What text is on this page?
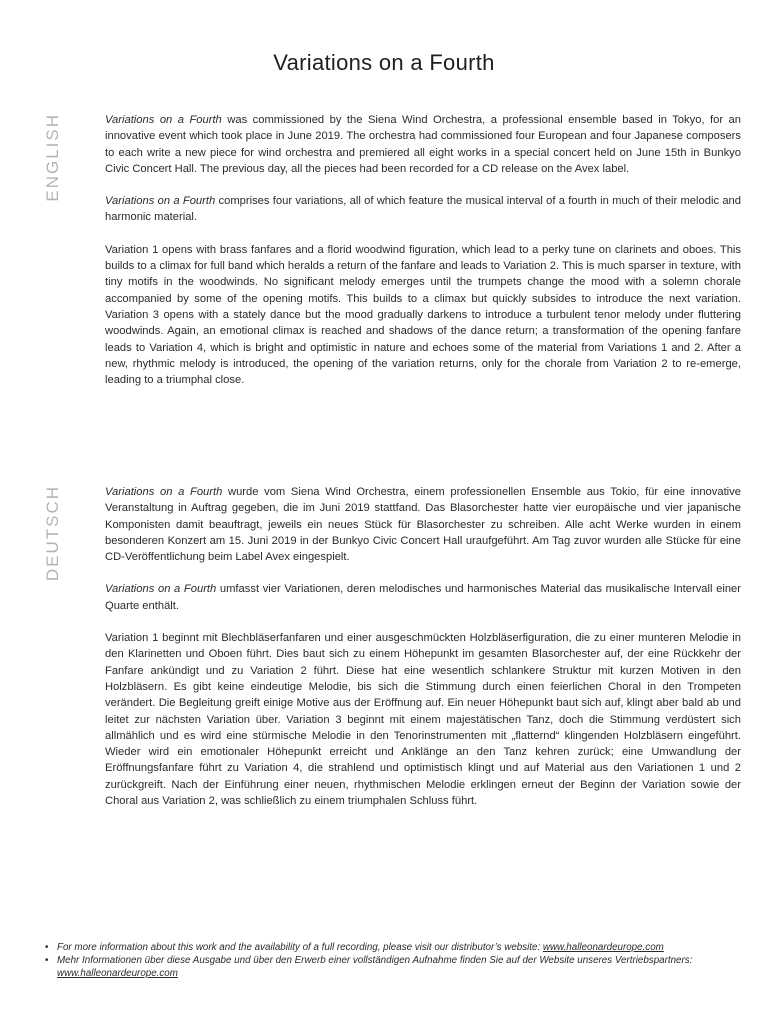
Variations on a Fourth
ENGLISH	Variations on a Fourth was commissioned by the Siena Wind Orchestra, a professional ensemble based in Tokyo, for an innovative event which took place in June 2019. The orchestra had commissioned four European and four Japanese composers to each write a new piece for wind orchestra and premiered all eight works in a special concert held on June 15th in Bunkyo Civic Concert Hall. The previous day, all the pieces had been recorded for a CD release on the Avex label.

Variations on a Fourth comprises four variations, all of which feature the musical interval of a fourth in much of their melodic and harmonic material.

Variation 1 opens with brass fanfares and a florid woodwind figuration, which lead to a perky tune on clarinets and oboes. This builds to a climax for full band which heralds a return of the fanfare and leads to Variation 2. This is much sparser in texture, with tiny motifs in the woodwinds. No significant melody emerges until the trumpets change the mood with a solemn chorale accompanied by some of the opening motifs. This builds to a climax but quickly subsides to introduce the next variation. Variation 3 opens with a stately dance but the mood gradually darkens to introduce a turbulent tenor melody under fluttering woodwinds. Again, an emotional climax is reached and shadows of the dance return; a transformation of the opening fanfare leads to Variation 4, which is bright and optimistic in nature and echoes some of the material from Variations 1 and 2. After a new, rhythmic melody is introduced, the opening of the variation returns, only for the chorale from Variation 2 to re-emerge, leading to a triumphal close.

DEUTSCH	Variations on a Fourth wurde vom Siena Wind Orchestra, einem professionellen Ensemble aus Tokio, für eine innovative Veranstaltung in Auftrag gegeben, die im Juni 2019 stattfand. Das Blasorchester hatte vier europäische und vier japanische Komponisten damit beauftragt, jeweils ein neues Stück für Blasorchester zu schreiben. Alle acht Werke wurden in einem besonderen Konzert am 15. Juni 2019 in der Bunkyo Civic Concert Hall uraufgeführt. Am Tag zuvor wurden alle Stücke für eine CD-Veröffentlichung beim Label Avex eingespielt.

Variations on a Fourth umfasst vier Variationen, deren melodisches und harmonisches Material das musikalische Intervall einer Quarte enthält.

Variation 1 beginnt mit Blechbläserfanfaren und einer ausgeschmückten Holzbläserfiguration, die zu einer munteren Melodie in den Klarinetten und Oboen führt. Dies baut sich zu einem Höhepunkt im gesamten Blasorchester auf, der eine Rückkehr der Fanfare ankündigt und zu Variation 2 führt. Diese hat eine wesentlich schlankere Struktur mit kurzen Motiven in den Holzbläsern. Es gibt keine eindeutige Melodie, bis sich die Stimmung durch einen feierlichen Choral in den Trompeten verändert. Die Begleitung greift einige Motive aus der Eröffnung auf. Ein neuer Höhepunkt baut sich auf, klingt aber bald ab und leitet zur nächsten Variation über. Variation 3 beginnt mit einem majestätischen Tanz, doch die Stimmung verdüstert sich allmählich und es wird eine stürmische Melodie in den Tenorinstrumenten mit „flatternd“ klingenden Holzbläsern eingeführt. Wieder wird ein emotionaler Höhepunkt erreicht und Anklänge an den Tanz kehren zurück; eine Umwandlung der Eröffnungsfanfare führt zu Variation 4, die strahlend und optimistisch klingt und auf Material aus den Variationen 1 und 2 zurückgreift. Nach der Einführung einer neuen, rhythmischen Melodie erklingen erneut der Beginn der Variation sowie der Choral aus Variation 2, was schließlich zu einem triumphalen Schluss führt.

• For more information about this work and the availability of a full recording, please visit our distributor’s website: www.halleonardeurope.com
• Mehr Informationen über diese Ausgabe und über den Erwerb einer vollständigen Aufnahme finden Sie auf der Website unseres Vertriebspartners:
www.halleonardeurope.com
